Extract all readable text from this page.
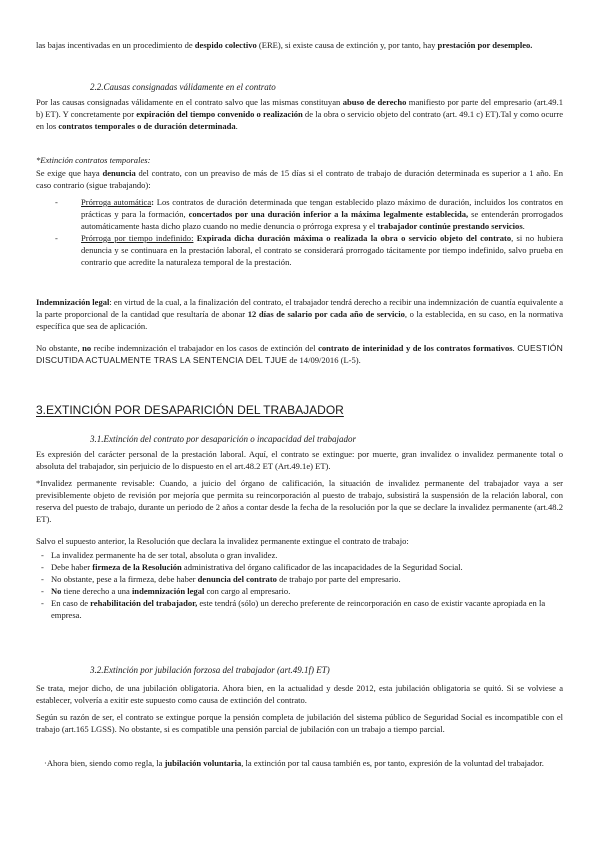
las bajas incentivadas en un procedimiento de despido colectivo (ERE), si existe causa de extinción y, por tanto, hay prestación por desempleo.

2.2.Causas consignadas válidamente en el contrato

Por las causas consignadas válidamente en el contrato salvo que las mismas constituyan abuso de derecho manifiesto por parte del empresario (art.49.1 b) ET). Y concretamente por expiración del tiempo convenido o realización de la obra o servicio objeto del contrato (art. 49.1 c) ET).Tal y como ocurre en los contratos temporales o de duración determinada.

*Extinción contratos temporales:

Se exige que haya denuncia del contrato, con un preaviso de más de 15 días si el contrato de trabajo de duración determinada es superior a 1 año. En caso contrario (sigue trabajando):

-	Prórroga automática: Los contratos de duración determinada que tengan establecido plazo máximo de duración, incluidos los contratos en prácticas y para la formación, concertados por una duración inferior a la máxima legalmente establecida, se entenderán prorrogados automáticamente hasta dicho plazo cuando no medie denuncia o prórroga expresa y el trabajador continúe prestando servicios.
-	Prórroga por tiempo indefinido: Expirada dicha duración máxima o realizada la obra o servicio objeto del contrato, si no hubiera denuncia y se continuara en la prestación laboral, el contrato se considerará prorrogado tácitamente por tiempo indefinido, salvo prueba en contrario que acredite la naturaleza temporal de la prestación.

Indemnización legal: en virtud de la cual, a la finalización del contrato, el trabajador tendrá derecho a recibir una indemnización de cuantía equivalente a la parte proporcional de la cantidad que resultaría de abonar 12 días de salario por cada año de servicio, o la establecida, en su caso, en la normativa específica que sea de aplicación.

No obstante, no recibe indemnización el trabajador en los casos de extinción del contrato de interinidad y de los contratos formativos. CUESTIÓN DISCUTIDA ACTUALMENTE TRAS LA SENTENCIA DEL TJUE de 14/09/2016 (L-5).

3.EXTINCIÓN POR DESAPARICIÓN DEL TRABAJADOR
3.1.Extinción del contrato por desaparición o incapacidad del trabajador

Es expresión del carácter personal de la prestación laboral. Aquí, el contrato se extingue: por muerte, gran invalidez o invalidez permanente total o absoluta del trabajador, sin perjuicio de lo dispuesto en el art.48.2 ET (Art.49.1e) ET).

*Invalidez permanente revisable: Cuando, a juicio del órgano de calificación, la situación de invalidez permanente del trabajador vaya a ser previsiblemente objeto de revisión por mejoría que permita su reincorporación al puesto de trabajo, subsistirá la suspensión de la relación laboral, con reserva del puesto de trabajo, durante un periodo de 2 años a contar desde la fecha de la resolución por la que se declare la invalidez permanente (art.48.2 ET).

Salvo el supuesto anterior, la Resolución que declara la invalidez permanente extingue el contrato de trabajo:

- La invalidez permanente ha de ser total, absoluta o gran invalidez.
- Debe haber firmeza de la Resolución administrativa del órgano calificador de las incapacidades de la Seguridad Social.
- No obstante, pese a la firmeza, debe haber denuncia del contrato de trabajo por parte del empresario.
- No tiene derecho a una indemnización legal con cargo al empresario.
- En caso de rehabilitación del trabajador, este tendrá (sólo) un derecho preferente de reincorporación en caso de existir vacante apropiada en la empresa.
3.2.Extinción por jubilación forzosa del trabajador (art.49.1f) ET)

Se trata, mejor dicho, de una jubilación obligatoria. Ahora bien, en la actualidad y desde 2012, esta jubilación obligatoria se quitó. Si se volviese a establecer, volvería a exitir este supuesto como causa de extinción del contrato.

Según su razón de ser, el contrato se extingue porque la pensión completa de jubilación del sistema público de Seguridad Social es incompatible con el trabajo (art.165 LGSS). No obstante, si es compatible una pensión parcial de jubilación con un trabajo a tiempo parcial.

·Ahora bien, siendo como regla, la jubilación voluntaria, la extinción por tal causa también es, por tanto, expresión de la voluntad del trabajador.
